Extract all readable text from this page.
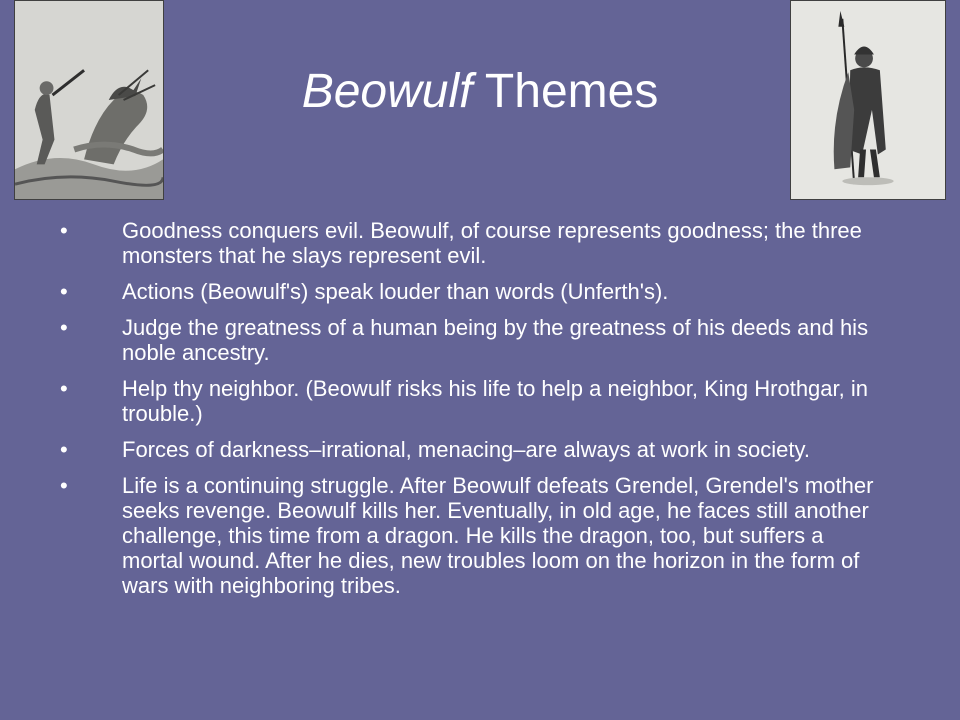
Beowulf Themes
•	Goodness conquers evil. Beowulf, of course represents goodness; the three monsters that he slays represent evil.
•	Actions (Beowulf's) speak louder than words (Unferth's).
•	Judge the greatness of a human being by the greatness of his deeds and his noble ancestry.
•	Help thy neighbor. (Beowulf risks his life to help a neighbor, King Hrothgar, in trouble.)
•	Forces of darkness–irrational, menacing–are always at work in society.
•	Life is a continuing struggle. After Beowulf defeats Grendel, Grendel's mother seeks revenge. Beowulf kills her. Eventually, in old age, he faces still another challenge, this time from a dragon. He kills the dragon, too, but suffers a mortal wound. After he dies, new troubles loom on the horizon in the form of wars with neighboring tribes.
